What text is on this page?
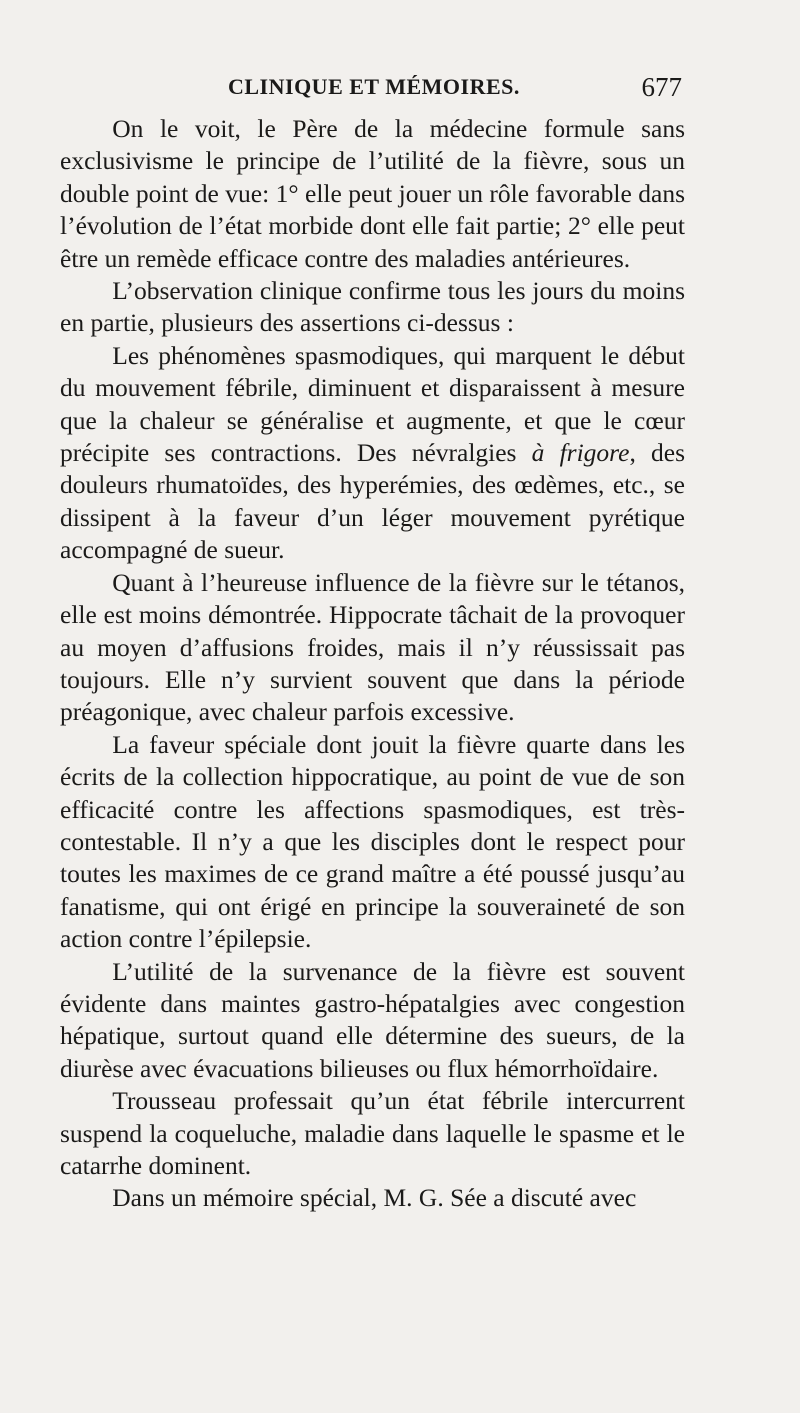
CLINIQUE ET MÉMOIRES.	677

On le voit, le Père de la médecine formule sans exclusivisme le principe de l’utilité de la fièvre, sous un double point de vue: 1° elle peut jouer un rôle favorable dans l’évolution de l’état morbide dont elle fait partie; 2° elle peut être un remède efficace contre des maladies antérieures.

L’observation clinique confirme tous les jours du moins en partie, plusieurs des assertions ci-dessus :

Les phénomènes spasmodiques, qui marquent le début du mouvement fébrile, diminuent et disparaissent à mesure que la chaleur se généralise et augmente, et que le cœur précipite ses contractions. Des névralgies à frigore, des douleurs rhumatoïdes, des hyperémies, des œdèmes, etc., se dissipent à la faveur d’un léger mouvement pyrétique accompagné de sueur.

Quant à l’heureuse influence de la fièvre sur le tétanos, elle est moins démontrée. Hippocrate tâchait de la provoquer au moyen d’affusions froides, mais il n’y réussissait pas toujours. Elle n’y survient souvent que dans la période préagonique, avec chaleur parfois excessive.

La faveur spéciale dont jouit la fièvre quarte dans les écrits de la collection hippocratique, au point de vue de son efficacité contre les affections spasmodiques, est très-contestable. Il n’y a que les disciples dont le respect pour toutes les maximes de ce grand maître a été poussé jusqu’au fanatisme, qui ont érigé en principe la souveraineté de son action contre l’épilepsie.

L’utilité de la survenance de la fièvre est souvent évidente dans maintes gastro-hépatalgies avec congestion hépatique, surtout quand elle détermine des sueurs, de la diurèse avec évacuations bilieuses ou flux hémorrhoïdaire.

Trousseau professait qu’un état fébrile intercurrent suspend la coqueluche, maladie dans laquelle le spasme et le catarrhe dominent.

Dans un mémoire spécial, M. G. Sée a discuté avec
